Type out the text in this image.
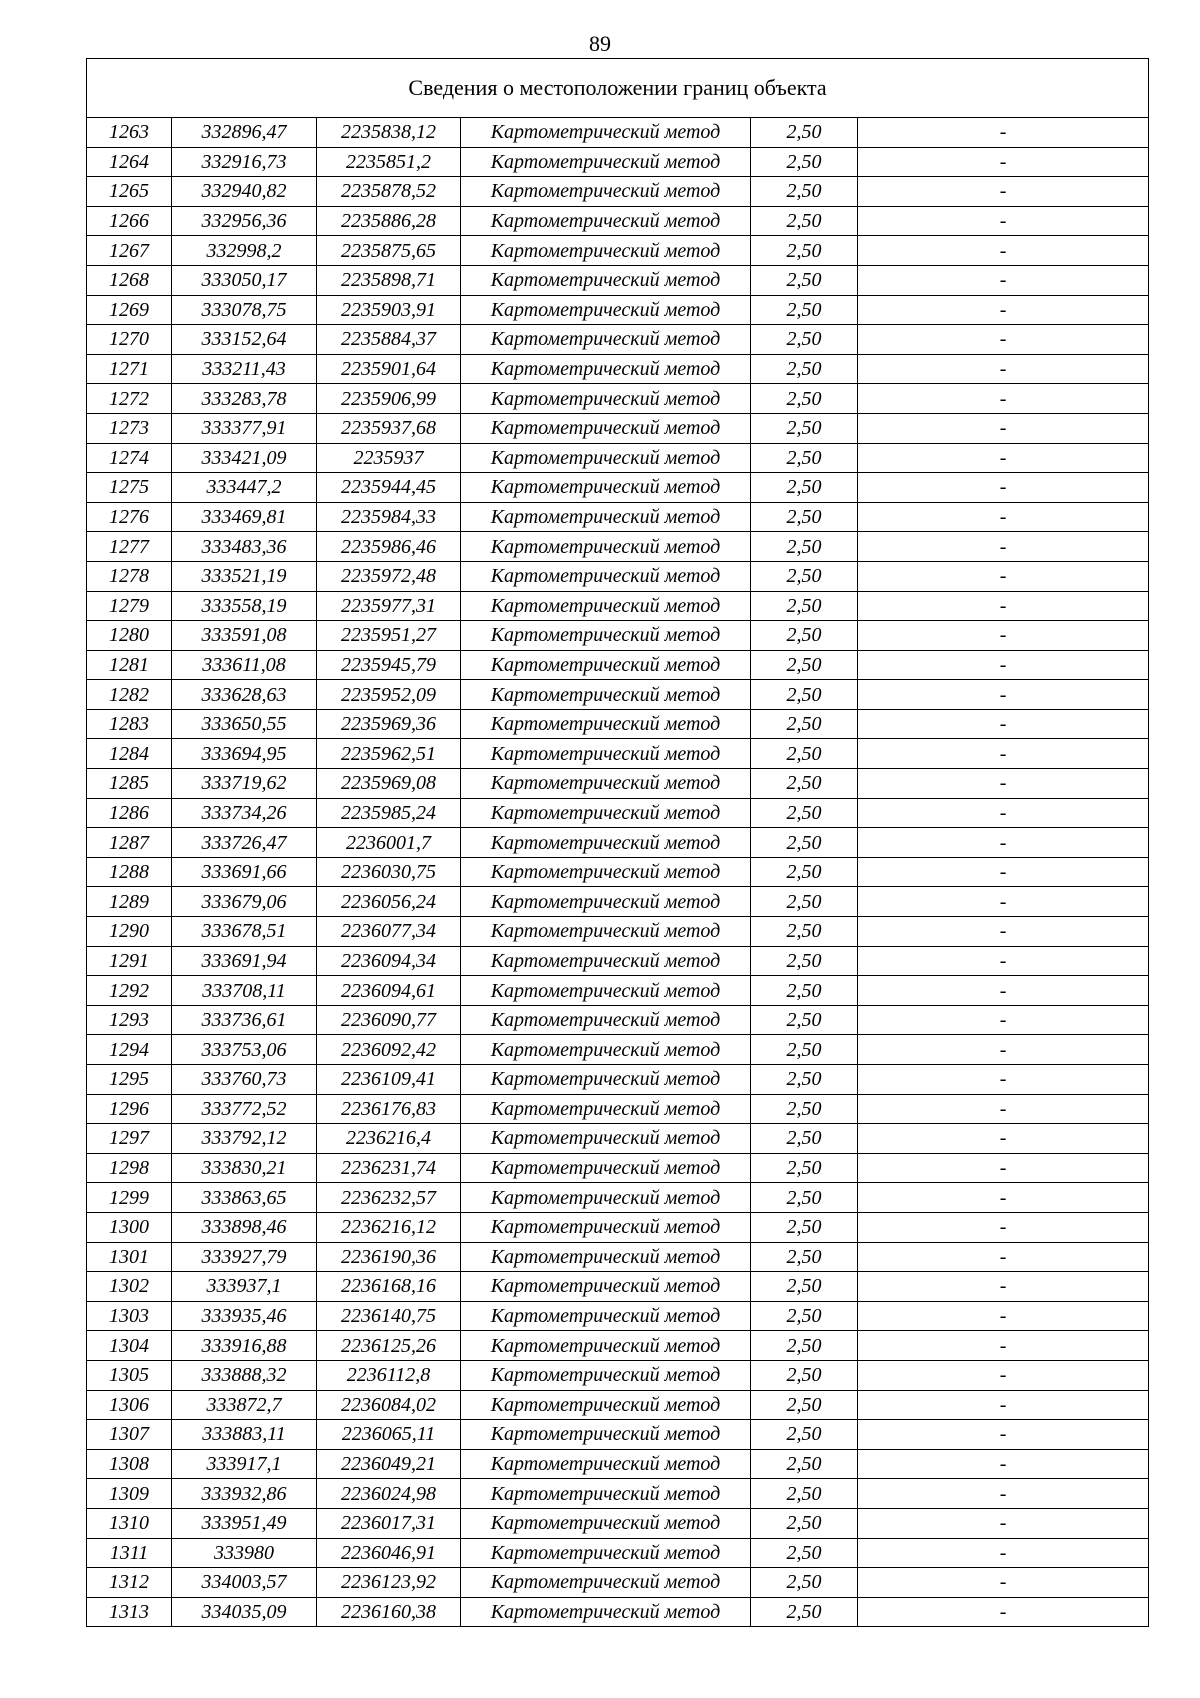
89
Сведения о местоположении границ объекта					
1263	332896,47	2235838,12	Картометрический метод	2,50	-
1264	332916,73	2235851,2	Картометрический метод	2,50	-
1265	332940,82	2235878,52	Картометрический метод	2,50	-
1266	332956,36	2235886,28	Картометрический метод	2,50	-
1267	332998,2	2235875,65	Картометрический метод	2,50	-
1268	333050,17	2235898,71	Картометрический метод	2,50	-
1269	333078,75	2235903,91	Картометрический метод	2,50	-
1270	333152,64	2235884,37	Картометрический метод	2,50	-
1271	333211,43	2235901,64	Картометрический метод	2,50	-
1272	333283,78	2235906,99	Картометрический метод	2,50	-
1273	333377,91	2235937,68	Картометрический метод	2,50	-
1274	333421,09	2235937	Картометрический метод	2,50	-
1275	333447,2	2235944,45	Картометрический метод	2,50	-
1276	333469,81	2235984,33	Картометрический метод	2,50	-
1277	333483,36	2235986,46	Картометрический метод	2,50	-
1278	333521,19	2235972,48	Картометрический метод	2,50	-
1279	333558,19	2235977,31	Картометрический метод	2,50	-
1280	333591,08	2235951,27	Картометрический метод	2,50	-
1281	333611,08	2235945,79	Картометрический метод	2,50	-
1282	333628,63	2235952,09	Картометрический метод	2,50	-
1283	333650,55	2235969,36	Картометрический метод	2,50	-
1284	333694,95	2235962,51	Картометрический метод	2,50	-
1285	333719,62	2235969,08	Картометрический метод	2,50	-
1286	333734,26	2235985,24	Картометрический метод	2,50	-
1287	333726,47	2236001,7	Картометрический метод	2,50	-
1288	333691,66	2236030,75	Картометрический метод	2,50	-
1289	333679,06	2236056,24	Картометрический метод	2,50	-
1290	333678,51	2236077,34	Картометрический метод	2,50	-
1291	333691,94	2236094,34	Картометрический метод	2,50	-
1292	333708,11	2236094,61	Картометрический метод	2,50	-
1293	333736,61	2236090,77	Картометрический метод	2,50	-
1294	333753,06	2236092,42	Картометрический метод	2,50	-
1295	333760,73	2236109,41	Картометрический метод	2,50	-
1296	333772,52	2236176,83	Картометрический метод	2,50	-
1297	333792,12	2236216,4	Картометрический метод	2,50	-
1298	333830,21	2236231,74	Картометрический метод	2,50	-
1299	333863,65	2236232,57	Картометрический метод	2,50	-
1300	333898,46	2236216,12	Картометрический метод	2,50	-
1301	333927,79	2236190,36	Картометрический метод	2,50	-
1302	333937,1	2236168,16	Картометрический метод	2,50	-
1303	333935,46	2236140,75	Картометрический метод	2,50	-
1304	333916,88	2236125,26	Картометрический метод	2,50	-
1305	333888,32	2236112,8	Картометрический метод	2,50	-
1306	333872,7	2236084,02	Картометрический метод	2,50	-
1307	333883,11	2236065,11	Картометрический метод	2,50	-
1308	333917,1	2236049,21	Картометрический метод	2,50	-
1309	333932,86	2236024,98	Картометрический метод	2,50	-
1310	333951,49	2236017,31	Картометрический метод	2,50	-
1311	333980	2236046,91	Картометрический метод	2,50	-
1312	334003,57	2236123,92	Картометрический метод	2,50	-
1313	334035,09	2236160,38	Картометрический метод	2,50	-
